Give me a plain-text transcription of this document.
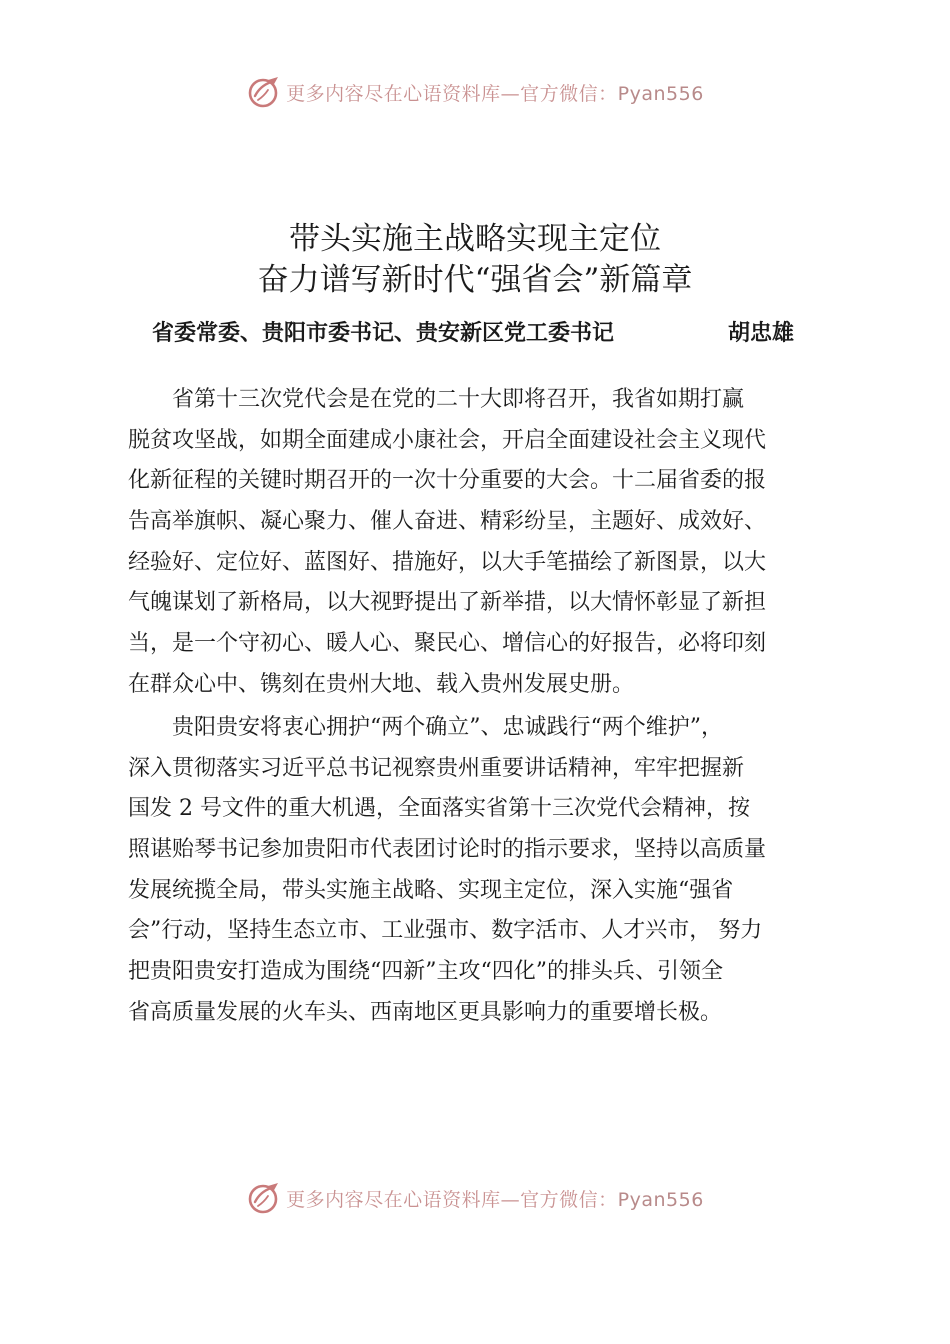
更多内容尽在心语资料库—官方微信：Pyan556
带头实施主战略实现主定位
奋力谱写新时代“强省会”新篇章
省委常委、贵阳市委书记、贵安新区党工委书记	胡忠雄
　　省第十三次党代会是在党的二十大即将召开，我省如期打赢
脱贫攻坚战，如期全面建成小康社会，开启全面建设社会主义现代
化新征程的关键时期召开的一次十分重要的大会。十二届省委的报
告高举旗帜、凝心聚力、催人奋进、精彩纷呈，主题好、成效好、
经验好、定位好、蓝图好、措施好，以大手笔描绘了新图景，以大
气魄谋划了新格局，以大视野提出了新举措，以大情怀彰显了新担
当，是一个守初心、暖人心、聚民心、增信心的好报告，必将印刻
在群众心中、镌刻在贵州大地、载入贵州发展史册。
　　贵阳贵安将衷心拥护“两个确立”、忠诚践行“两个维护”，
深入贯彻落实习近平总书记视察贵州重要讲话精神，牢牢把握新
国发 2 号文件的重大机遇，全面落实省第十三次党代会精神，按
照谌贻琴书记参加贵阳市代表团讨论时的指示要求，坚持以高质量
发展统揽全局，带头实施主战略、实现主定位，深入实施“强省
会”行动，坚持生态立市、工业强市、数字活市、人才兴市， 努力
把贵阳贵安打造成为围绕“四新”主攻“四化”的排头兵、引领全
省高质量发展的火车头、西南地区更具影响力的重要增长极。
更多内容尽在心语资料库—官方微信：Pyan556
